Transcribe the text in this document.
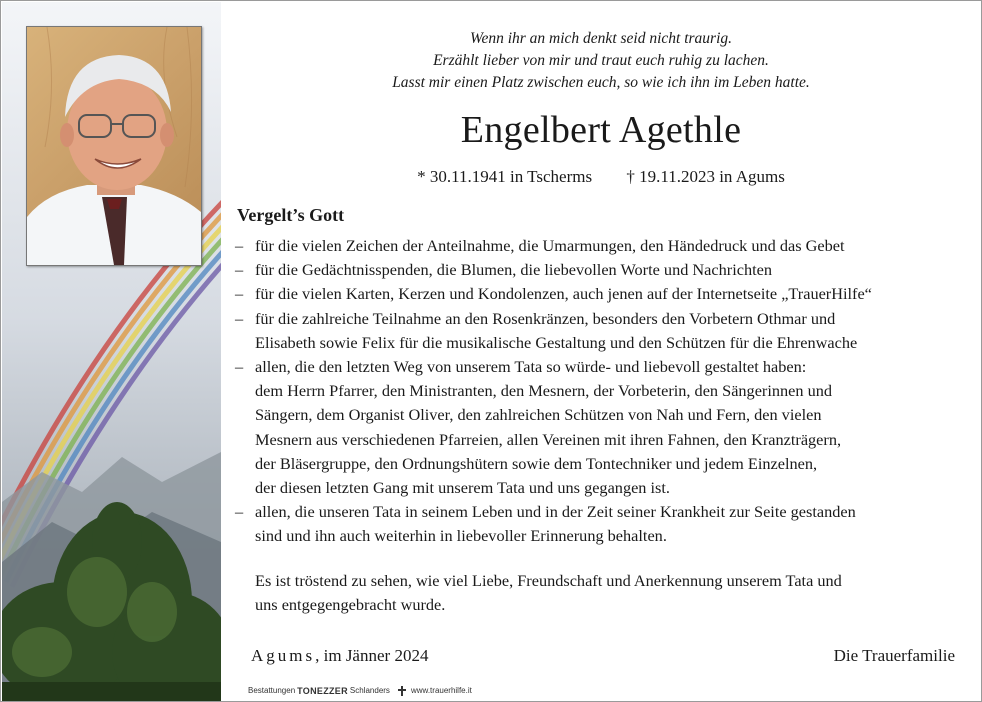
Wenn ihr an mich denkt seid nicht traurig.
Erzählt lieber von mir und traut euch ruhig zu lachen.
Lasst mir einen Platz zwischen euch, so wie ich ihn im Leben hatte.
Engelbert Agethle
* 30.11.1941 in Tscherms † 19.11.2023 in Agums
Vergelt’s Gott
– für die vielen Zeichen der Anteilnahme, die Umarmungen, den Händedruck und das Gebet
– für die Gedächtnisspenden, die Blumen, die liebevollen Worte und Nachrichten
– für die vielen Karten, Kerzen und Kondolenzen, auch jenen auf der Internetseite „TrauerHilfe“
– für die zahlreiche Teilnahme an den Rosenkränzen, besonders den Vorbetern Othmar und
Elisabeth sowie Felix für die musikalische Gestaltung und den Schützen für die Ehrenwache
– allen, die den letzten Weg von unserem Tata so würde- und liebevoll gestaltet haben:
dem Herrn Pfarrer, den Ministranten, den Mesnern, der Vorbeterin, den Sängerinnen und
Sängern, dem Organist Oliver, den zahlreichen Schützen von Nah und Fern, den vielen
Mesnern aus verschiedenen Pfarreien, allen Vereinen mit ihren Fahnen, den Kranzträgern,
der Bläsergruppe, den Ordnungshütern sowie dem Tontechniker und jedem Einzelnen,
der diesen letzten Gang mit unserem Tata und uns gegangen ist.
– allen, die unseren Tata in seinem Leben und in der Zeit seiner Krankheit zur Seite gestanden
sind und ihn auch weiterhin in liebevoller Erinnerung behalten.
Es ist tröstend zu sehen, wie viel Liebe, Freundschaft und Anerkennung unserem Tata und
uns entgegengebracht wurde.
Agums, im Jänner 2024	Die Trauerfamilie
Bestattungen TONEZZER Schlanders	www.trauerhilfe.it
